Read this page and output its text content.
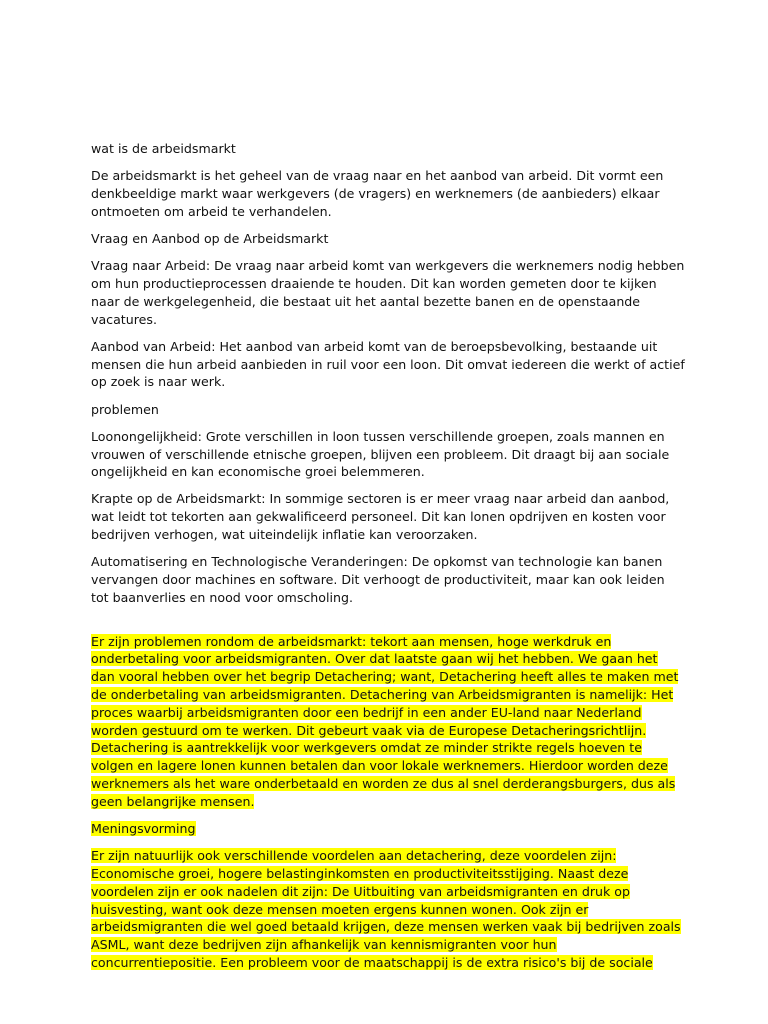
wat is de arbeidsmarkt

De arbeidsmarkt is het geheel van de vraag naar en het aanbod van arbeid. Dit vormt een denkbeeldige markt waar werkgevers (de vragers) en werknemers (de aanbieders) elkaar ontmoeten om arbeid te verhandelen.

Vraag en Aanbod op de Arbeidsmarkt

Vraag naar Arbeid: De vraag naar arbeid komt van werkgevers die werknemers nodig hebben om hun productieprocessen draaiende te houden. Dit kan worden gemeten door te kijken naar de werkgelegenheid, die bestaat uit het aantal bezette banen en de openstaande vacatures.

Aanbod van Arbeid: Het aanbod van arbeid komt van de beroepsbevolking, bestaande uit mensen die hun arbeid aanbieden in ruil voor een loon. Dit omvat iedereen die werkt of actief op zoek is naar werk.

problemen

Loonongelijkheid: Grote verschillen in loon tussen verschillende groepen, zoals mannen en vrouwen of verschillende etnische groepen, blijven een probleem. Dit draagt bij aan sociale ongelijkheid en kan economische groei belemmeren.

Krapte op de Arbeidsmarkt: In sommige sectoren is er meer vraag naar arbeid dan aanbod, wat leidt tot tekorten aan gekwalificeerd personeel. Dit kan lonen opdrijven en kosten voor bedrijven verhogen, wat uiteindelijk inflatie kan veroorzaken.

Automatisering en Technologische Veranderingen: De opkomst van technologie kan banen vervangen door machines en software. Dit verhoogt de productiviteit, maar kan ook leiden tot baanverlies en nood voor omscholing.

Er zijn problemen rondom de arbeidsmarkt: tekort aan mensen, hoge werkdruk en onderbetaling voor arbeidsmigranten. Over dat laatste gaan wij het hebben. We gaan het dan vooral hebben over het begrip Detachering; want, Detachering heeft alles te maken met de onderbetaling van arbeidsmigranten. Detachering van Arbeidsmigranten is namelijk: Het proces waarbij arbeidsmigranten door een bedrijf in een ander EU-land naar Nederland worden gestuurd om te werken. Dit gebeurt vaak via de Europese Detacheringsrichtlijn. Detachering is aantrekkelijk voor werkgevers omdat ze minder strikte regels hoeven te volgen en lagere lonen kunnen betalen dan voor lokale werknemers. Hierdoor worden deze werknemers als het ware onderbetaald en worden ze dus al snel derderangsburgers, dus als geen belangrijke mensen.

Meningsvorming

Er zijn natuurlijk ook verschillende voordelen aan detachering, deze voordelen zijn: Economische groei, hogere belastinginkomsten en productiviteitsstijging. Naast deze voordelen zijn er ook nadelen dit zijn: De Uitbuiting van arbeidsmigranten en druk op huisvesting, want ook deze mensen moeten ergens kunnen wonen. Ook zijn er arbeidsmigranten die wel goed betaald krijgen, deze mensen werken vaak bij bedrijven zoals ASML, want deze bedrijven zijn afhankelijk van kennismigranten voor hun concurrentiepositie. Een probleem voor de maatschappij is de extra risico's bij de sociale
